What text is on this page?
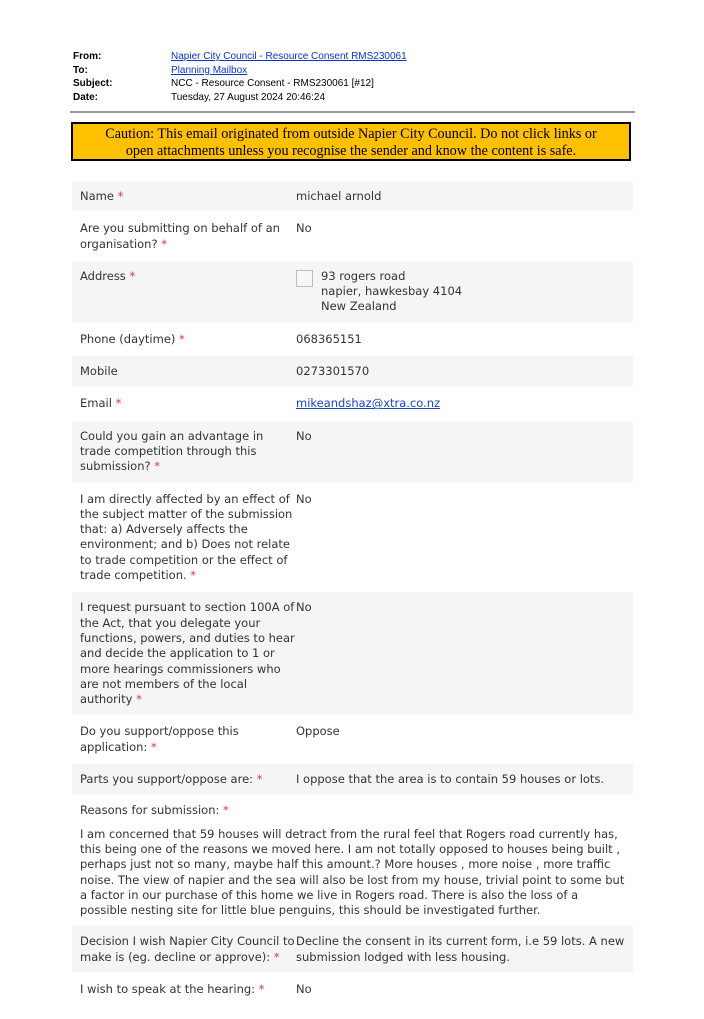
From:	Napier City Council - Resource Consent RMS230061
To:	Planning Mailbox
Subject:	NCC - Resource Consent - RMS230061 [#12]
Date:	Tuesday, 27 August 2024 20:46:24
Caution: This email originated from outside Napier City Council. Do not click links or
open attachments unless you recognise the sender and know the content is safe.
Name *	michael arnold
Are you submitting on behalf of an organisation? *
No
Address *	93 rogers road
napier, hawkesbay 4104
New Zealand
Phone (daytime) *	068365151
Mobile	0273301570
Email *	mikeandshaz@xtra.co.nz
Could you gain an advantage in trade competition through this submission? *
No
I am directly affected by an effect of the subject matter of the submission that: a) Adversely affects the environment; and b) Does not relate to trade competition or the effect of trade competition. *
No
I request pursuant to section 100A of the Act, that you delegate your functions, powers, and duties to hear and decide the application to 1 or more hearings commissioners who are not members of the local authority *
No
Do you support/oppose this application: *
Oppose
Parts you support/oppose are: *	I oppose that the area is to contain 59 houses or lots.
Reasons for submission: *

I am concerned that 59 houses will detract from the rural feel that Rogers road currently has, this being one of the reasons we moved here. I am not totally opposed to houses being built , perhaps just not so many, maybe half this amount.? More houses , more noise , more traffic noise. The view of napier and the sea will also be lost from my house, trivial point to some but a factor in our purchase of this home we live in Rogers road. There is also the loss of a possible nesting site for little blue penguins, this should be investigated further.

Decision I wish Napier City Council to make is (eg. decline or approve): *
Decline the consent in its current form, i.e 59 lots. A new submission lodged with less housing.
I wish to speak at the hearing: *	No
